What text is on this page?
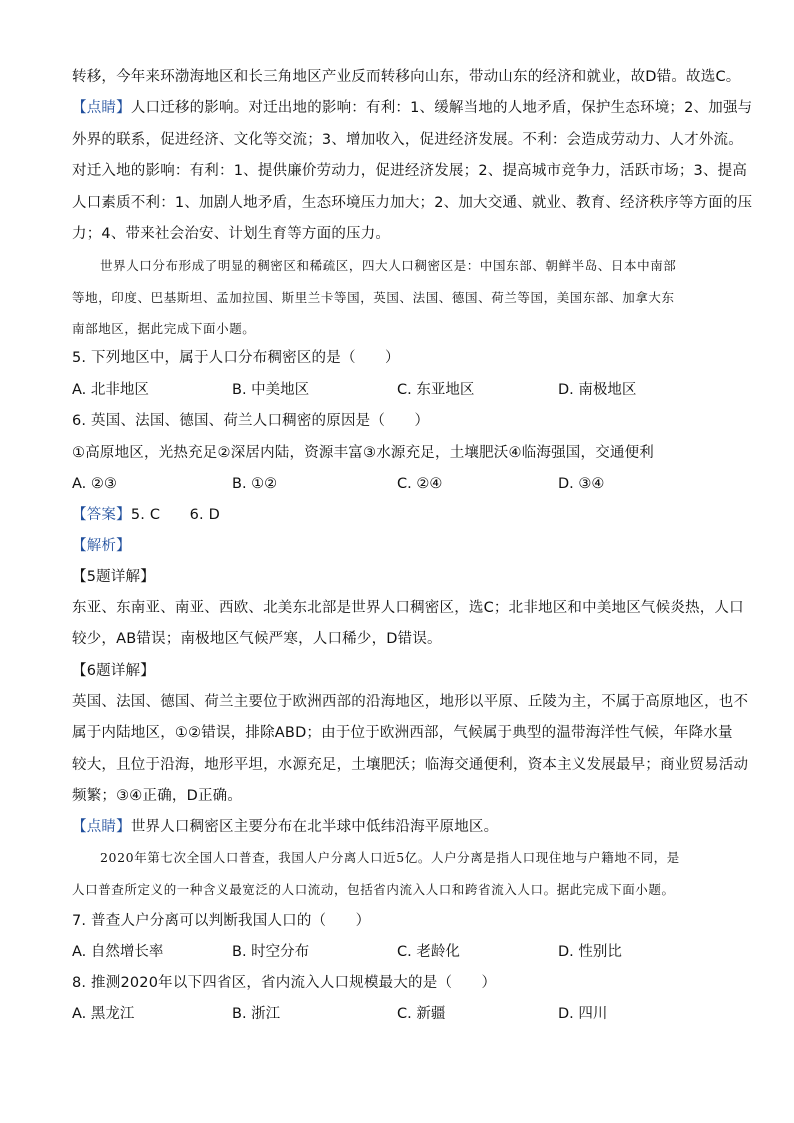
转移，今年来环渤海地区和长三角地区产业反而转移向山东，带动山东的经济和就业，故D错。故选C。
【点睛】人口迁移的影响。对迁出地的影响：有利：1、缓解当地的人地矛盾，保护生态环境；2、加强与
外界的联系，促进经济、文化等交流；3、增加收入，促进经济发展。不利：会造成劳动力、人才外流。
对迁入地的影响：有利：1、提供廉价劳动力，促进经济发展；2、提高城市竞争力，活跃市场；3、提高
人口素质不利：1、加剧人地矛盾，生态环境压力加大；2、加大交通、就业、教育、经济秩序等方面的压
力；4、带来社会治安、计划生育等方面的压力。
世界人口分布形成了明显的稠密区和稀疏区，四大人口稠密区是：中国东部、朝鲜半岛、日本中南部
等地，印度、巴基斯坦、孟加拉国、斯里兰卡等国，英国、法国、德国、荷兰等国，美国东部、加拿大东
南部地区，据此完成下面小题。
5. 下列地区中，属于人口分布稠密区的是（　　）
A. 北非地区	B. 中美地区	C. 东亚地区	D. 南极地区
6. 英国、法国、德国、荷兰人口稠密的原因是（　　）
①高原地区，光热充足②深居内陆，资源丰富③水源充足，土壤肥沃④临海强国，交通便利
A. ②③	B. ①②	C. ②④	D. ③④
【答案】5. C　　6. D
【解析】
【5题详解】
东亚、东南亚、南亚、西欧、北美东北部是世界人口稠密区，选C；北非地区和中美地区气候炎热，人口
较少，AB错误；南极地区气候严寒，人口稀少，D错误。
【6题详解】
英国、法国、德国、荷兰主要位于欧洲西部的沿海地区，地形以平原、丘陵为主，不属于高原地区，也不
属于内陆地区，①②错误，排除ABD；由于位于欧洲西部，气候属于典型的温带海洋性气候，年降水量
较大，且位于沿海，地形平坦，水源充足，土壤肥沃；临海交通便利，资本主义发展最早；商业贸易活动
频繁；③④正确，D正确。
【点睛】世界人口稠密区主要分布在北半球中低纬沿海平原地区。
2020年第七次全国人口普查，我国人户分离人口近5亿。人户分离是指人口现住地与户籍地不同，是
人口普查所定义的一种含义最宽泛的人口流动，包括省内流入人口和跨省流入人口。据此完成下面小题。
7. 普查人户分离可以判断我国人口的（　　）
A. 自然增长率	B. 时空分布	C. 老龄化	D. 性别比
8. 推测2020年以下四省区，省内流入人口规模最大的是（　　）
A. 黑龙江	B. 浙江	C. 新疆	D. 四川
